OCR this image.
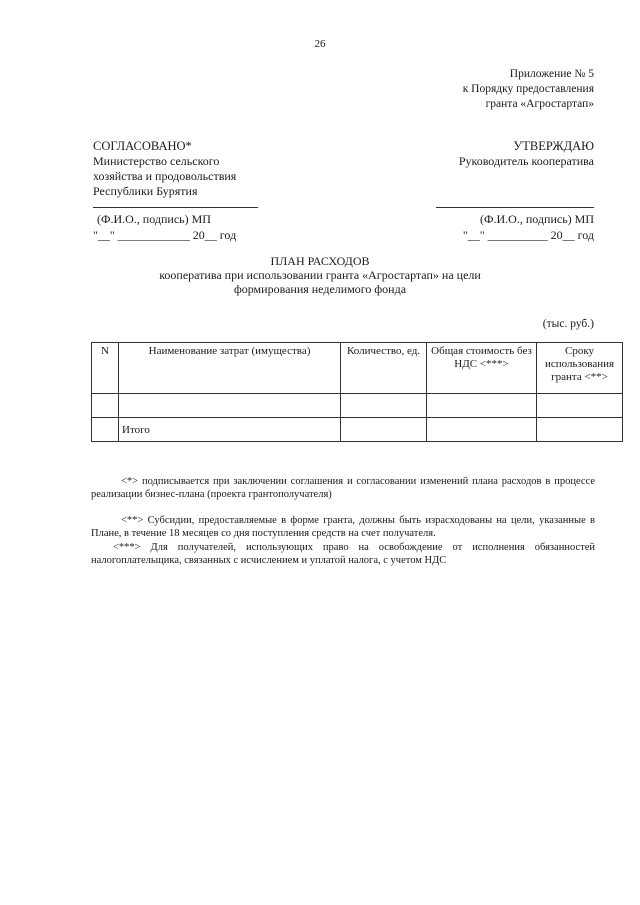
26
Приложение № 5
к Порядку предоставления
гранта «Агростартап»
СОГЛАСОВАНО*
Министерство сельского
хозяйства и продовольствия
Республики Бурятия
УТВЕРЖДАЮ
Руководитель кооператива
(Ф.И.О., подпись) МП
"__" ____________ 20__ год
(Ф.И.О., подпись) МП
"__" __________ 20__ год
ПЛАН РАСХОДОВ
кооператива при использовании гранта «Агростартап» на цели
формирования неделимого фонда
(тыс. руб.)
N	Наименование затрат (имущества)	Количество, ед.	Общая стоимость без НДС <***>	Сроку использования гранта <**>

	Итого			
<*> подписывается при заключении соглашения и согласовании изменений плана расходов в процессе реализации бизнес-плана (проекта грантополучателя)
<**> Субсидии, предоставляемые в форме гранта, должны быть израсходованы на цели, указанные в Плане, в течение 18 месяцев со дня поступления средств на счет получателя.
<***> Для получателей, использующих право на освобождение от исполнения обязанностей налогоплательщика, связанных с исчислением и уплатой налога, с учетом НДС
